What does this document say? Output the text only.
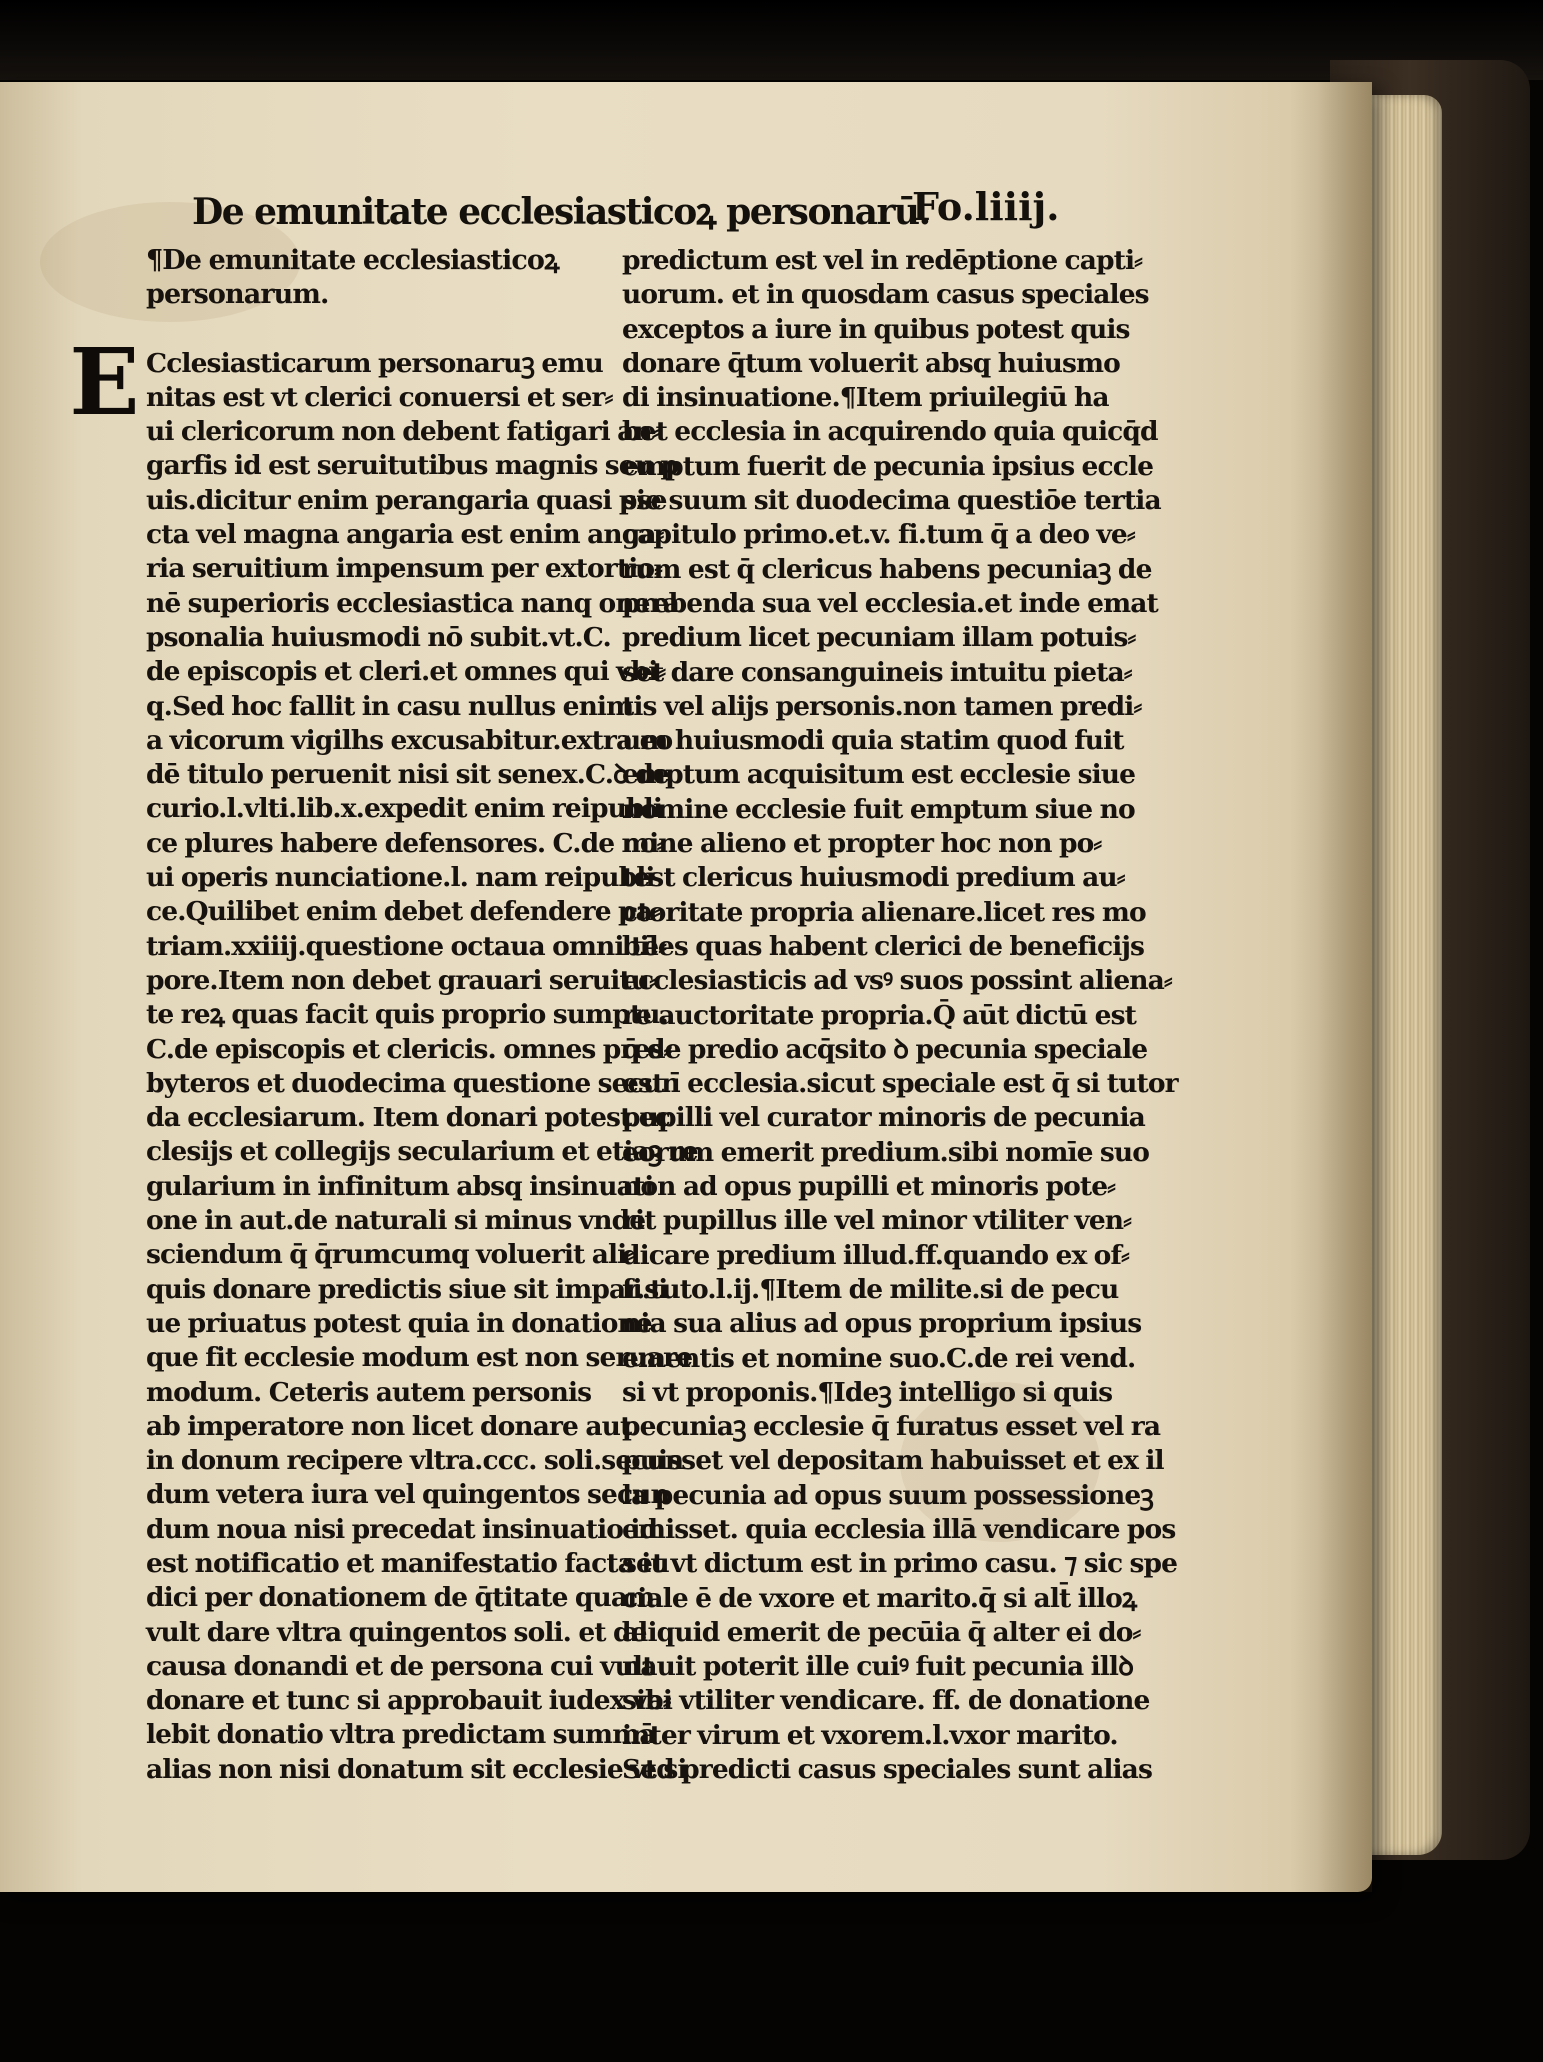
De emunitate ecclesiasticoꝝ personarū.
Fo.liiij.
¶De emunitate ecclesiasticoꝝ
personarum.
E Cclesiasticarum personaruꝫ emu
nitas est vt clerici conuersi et ser⸗
ui clericorum non debent fatigari an⸗
garfis id est seruitutibus magnis seu p
uis.dicitur enim perangaria quasi pse
cta vel magna angaria est enim anga⸗
ria seruitium impensum per extortio⸗
nē superioris ecclesiastica nanq̧ onera
psonalia huiusmodi nō subit.vt.C.
de episcopis et cleri.et omnes qui vbi⸗
q̧.Sed hoc fallit in casu nullus enim
a vicorum vigilhs excusabitur.extra eo
dē titulo peruenit nisi sit senex.C.ꝺ de
curio.l.vlti.lib.x.expedit enim reipubli
ce plures habere defensores. C.de no⸗
ui operis nunciatione.l. nam reipubli
ce.Quilibet enim debet defendere pa⸗
triam.xxiiij.questione octaua omni tē⸗
pore.Item non debet grauari seruitu⸗
te reꝝ quas facit quis proprio sumptu.
C.de episcopis et clericis. omnes pres⸗
byteros et duodecima questione secun
da ecclesiarum. Item donari potest ec
clesijs et collegijs secularium et etiaꝫ re
gularium in infinitum absq̧ insinuati
one in aut.de naturali si minus vnde
sciendum q̄ q̄rumcumq̧ voluerit ali⸗
quis donare predictis siue sit impar.si
ue priuatus potest quia in donatione
que fit ecclesie modum est non seruare
modum. Ceteris autem personis
ab imperatore non licet donare aut
in donum recipere vltra.ccc. soli.secun
dum vetera iura vel quingentos secun
dum noua nisi precedat insinuatio id
est notificatio et manifestatio facta iu
dici per donationem de q̄titate quam
vult dare vltra quingentos soli. et de
causa donandi et de persona cui vult
donare et tunc si approbauit iudex va⸗
lebit donatio vltra predictam summā
alias non nisi donatum sit ecclesie vt si
predictum est vel in redēptione capti⸗
uorum. et in quosdam casus speciales
exceptos a iure in quibus potest quis
donare q̄tum voluerit absq̧ huiusmo
di insinuatione.¶Item priuilegiū ha
bet ecclesia in acquirendo quia quicq̄d
emptum fuerit de pecunia ipsius eccle
sie suum sit duodecima questiōe tertia
capitulo primo.et.v. fi.tum q̄ a deo ve⸗
rum est q̄ clericus habens pecuniaꝫ de
prebenda sua vel ecclesia.et inde emat
predium licet pecuniam illam potuis⸗
set dare consanguineis intuitu pieta⸗
tis vel alijs personis.non tamen predi⸗
um huiusmodi quia statim quod fuit
emptum acquisitum est ecclesie siue
nomine ecclesie fuit emptum siue no
mine alieno et propter hoc non po⸗
test clericus huiusmodi predium au⸗
ctoritate propria alienare.licet res mo
biles quas habent clerici de beneficijs
ecclesiasticis ad vsꝰ suos possint aliena⸗
re auctoritate propria.Q̄ aūt dictū est
q̄ de predio acq̄sito ꝺ pecunia speciale
est ī ecclesia.sicut speciale est q̄ si tutor
pupilli vel curator minoris de pecunia
eorum emerit predium.sibi nomīe suo
non ad opus pupilli et minoris pote⸗
rit pupillus ille vel minor vtiliter ven⸗
dicare predium illud.ff.quando ex of⸗
fi.tuto.l.ij.¶Item de milite.si de pecu
nia sua alius ad opus proprium ipsius
ementis et nomine suo.C.de rei vend.
si vt proponis.¶Ideꝫ intelligo si quis
pecuniaꝫ ecclesie q̄ furatus esset vel ra
puisset vel depositam habuisset et ex il
la pecunia ad opus suum possessioneꝫ
emisset. quia ecclesia illā vendicare pos
set vt dictum est in primo casu. ⁊ sic spe
ciale ē de vxore et marito.q̄ si alt̄ illoꝝ
aliquid emerit de pecūia q̄ alter ei do⸗
nauit poterit ille cuiꝰ fuit pecunia illꝺ
sibi vtiliter vendicare. ff. de donatione
inter virum et vxorem.l.vxor marito.
Sed predicti casus speciales sunt alias
